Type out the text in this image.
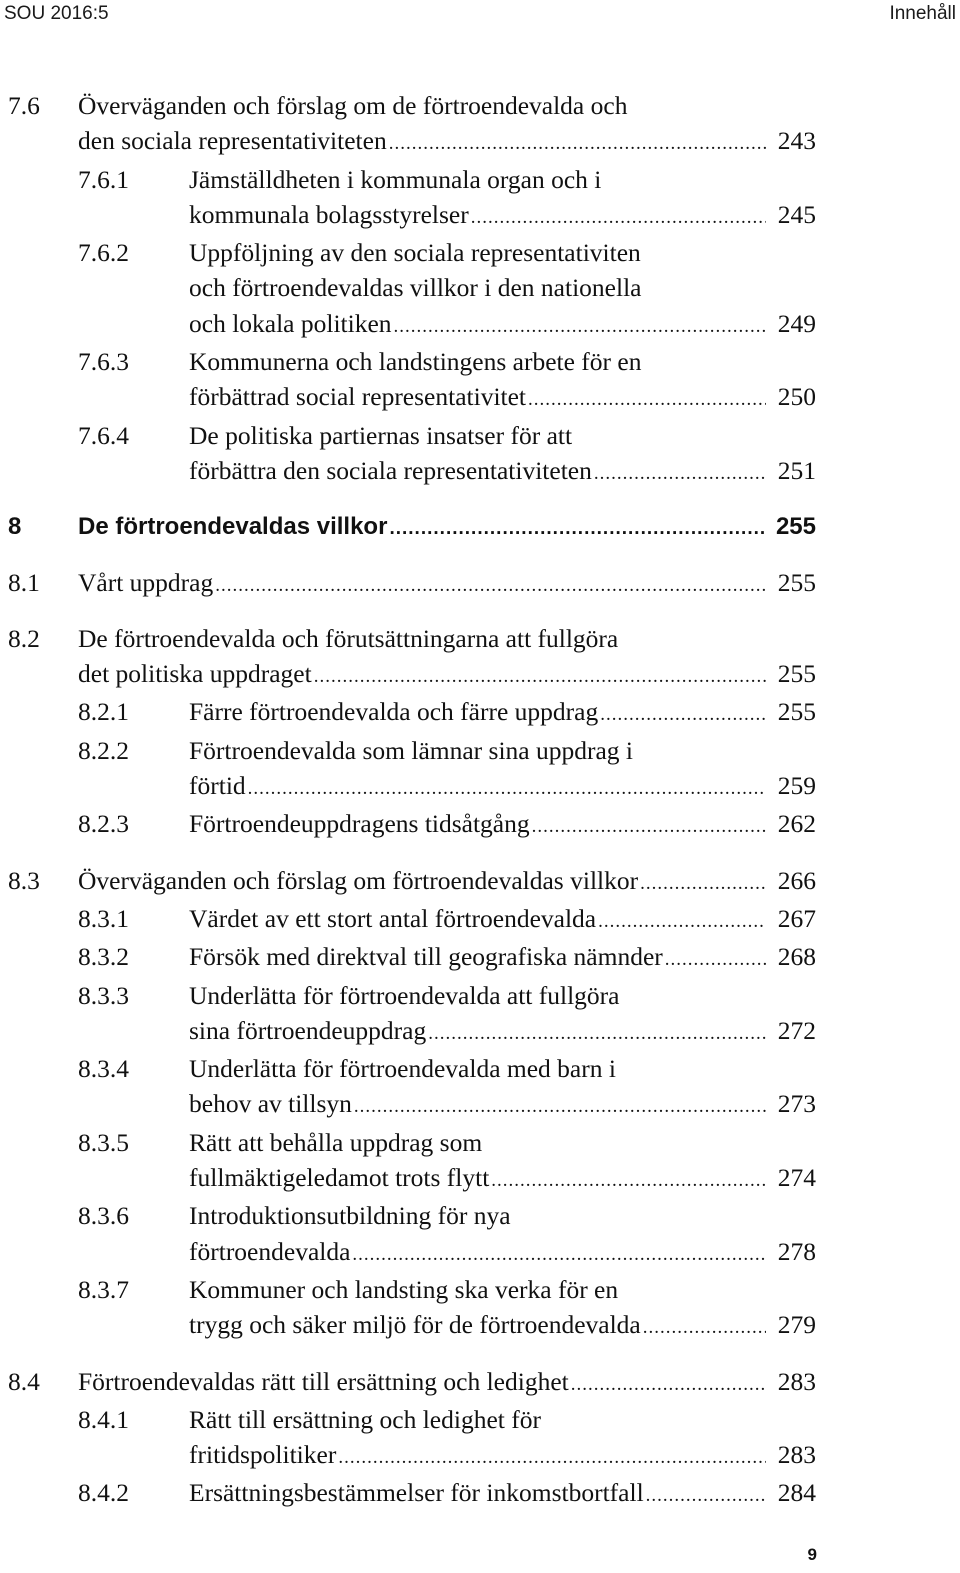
SOU 2016:5	Innehåll
7.6 Överväganden och förslag om de förtroendevalda och
den sociala representativiteten .....	243
7.6.1 Jämställdheten i kommunala organ och i
kommunala bolagsstyrelser .....	245
7.6.2 Uppföljning av den sociala representativiten
och förtroendevaldas villkor i den nationella
och lokala politiken .....	249
7.6.3 Kommunerna och landstingens arbete för en
förbättrad social representativitet .....	250
7.6.4 De politiska partiernas insatser för att
förbättra den sociala representativiteten .....	251
8 De förtroendevaldas villkor .....	255
8.1 Vårt uppdrag .....	255
8.2 De förtroendevalda och förutsättningarna att fullgöra
det politiska uppdraget .....	255
8.2.1 Färre förtroendevalda och färre uppdrag .....	255
8.2.2 Förtroendevalda som lämnar sina uppdrag i
förtid .....	259
8.2.3 Förtroendeuppdragens tidsåtgång .....	262
8.3 Överväganden och förslag om förtroendevaldas villkor .....	266
8.3.1 Värdet av ett stort antal förtroendevalda .....	267
8.3.2 Försök med direktval till geografiska nämnder .....	268
8.3.3 Underlätta för förtroendevalda att fullgöra
sina förtroendeuppdrag .....	272
8.3.4 Underlätta för förtroendevalda med barn i
behov av tillsyn .....	273
8.3.5 Rätt att behålla uppdrag som
fullmäktigeledamot trots flytt .....	274
8.3.6 Introduktionsutbildning för nya
förtroendevalda .....	278
8.3.7 Kommuner och landsting ska verka för en
trygg och säker miljö för de förtroendevalda .....	279
8.4 Förtroendevaldas rätt till ersättning och ledighet .....	283
8.4.1 Rätt till ersättning och ledighet för
fritidspolitiker .....	283
8.4.2 Ersättningsbestämmelser för inkomstbortfall .....	284
9
